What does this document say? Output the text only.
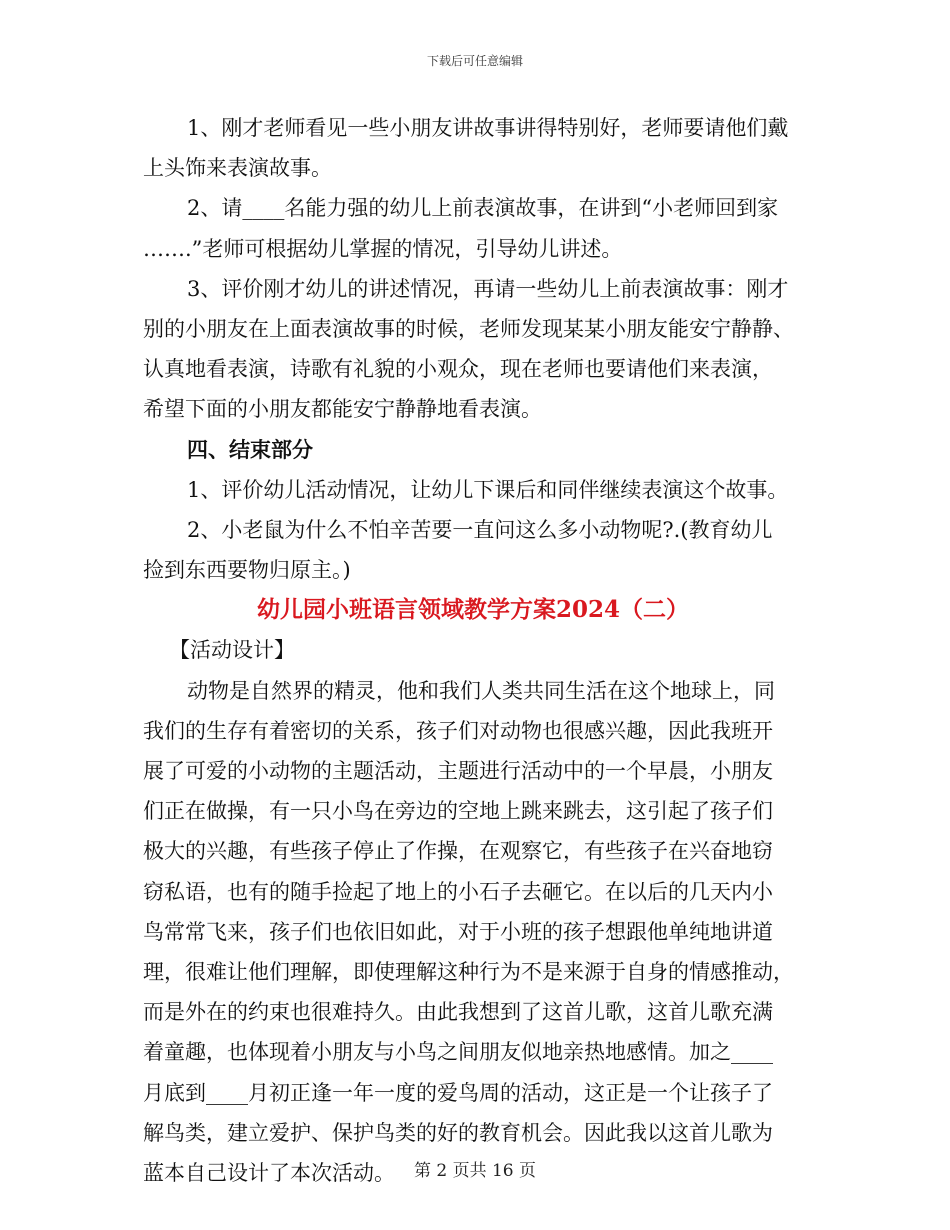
下载后可任意编辑
1、刚才老师看见一些小朋友讲故事讲得特别好，老师要请他们戴
上头饰来表演故事。
2、请____名能力强的幼儿上前表演故事，在讲到“小老师回到家
…….”老师可根据幼儿掌握的情况，引导幼儿讲述。
3、评价刚才幼儿的讲述情况，再请一些幼儿上前表演故事：刚才
别的小朋友在上面表演故事的时候，老师发现某某小朋友能安宁静静、
认真地看表演，诗歌有礼貌的小观众，现在老师也要请他们来表演，
希望下面的小朋友都能安宁静静地看表演。
四、结束部分
1、评价幼儿活动情况，让幼儿下课后和同伴继续表演这个故事。
2、小老鼠为什么不怕辛苦要一直问这么多小动物呢?.(教育幼儿
捡到东西要物归原主。)
幼儿园小班语言领域教学方案2024（二）
【活动设计】
动物是自然界的精灵，他和我们人类共同生活在这个地球上，同
我们的生存有着密切的关系，孩子们对动物也很感兴趣，因此我班开
展了可爱的小动物的主题活动，主题进行活动中的一个早晨，小朋友
们正在做操，有一只小鸟在旁边的空地上跳来跳去，这引起了孩子们
极大的兴趣，有些孩子停止了作操，在观察它，有些孩子在兴奋地窃
窃私语，也有的随手捡起了地上的小石子去砸它。在以后的几天内小
鸟常常飞来，孩子们也依旧如此，对于小班的孩子想跟他单纯地讲道
理，很难让他们理解，即使理解这种行为不是来源于自身的情感推动，
而是外在的约束也很难持久。由此我想到了这首儿歌，这首儿歌充满
着童趣，也体现着小朋友与小鸟之间朋友似地亲热地感情。加之____
月底到____月初正逢一年一度的爱鸟周的活动，这正是一个让孩子了
解鸟类，建立爱护、保护鸟类的好的教育机会。因此我以这首儿歌为
蓝本自己设计了本次活动。	第 2 页共 16 页
